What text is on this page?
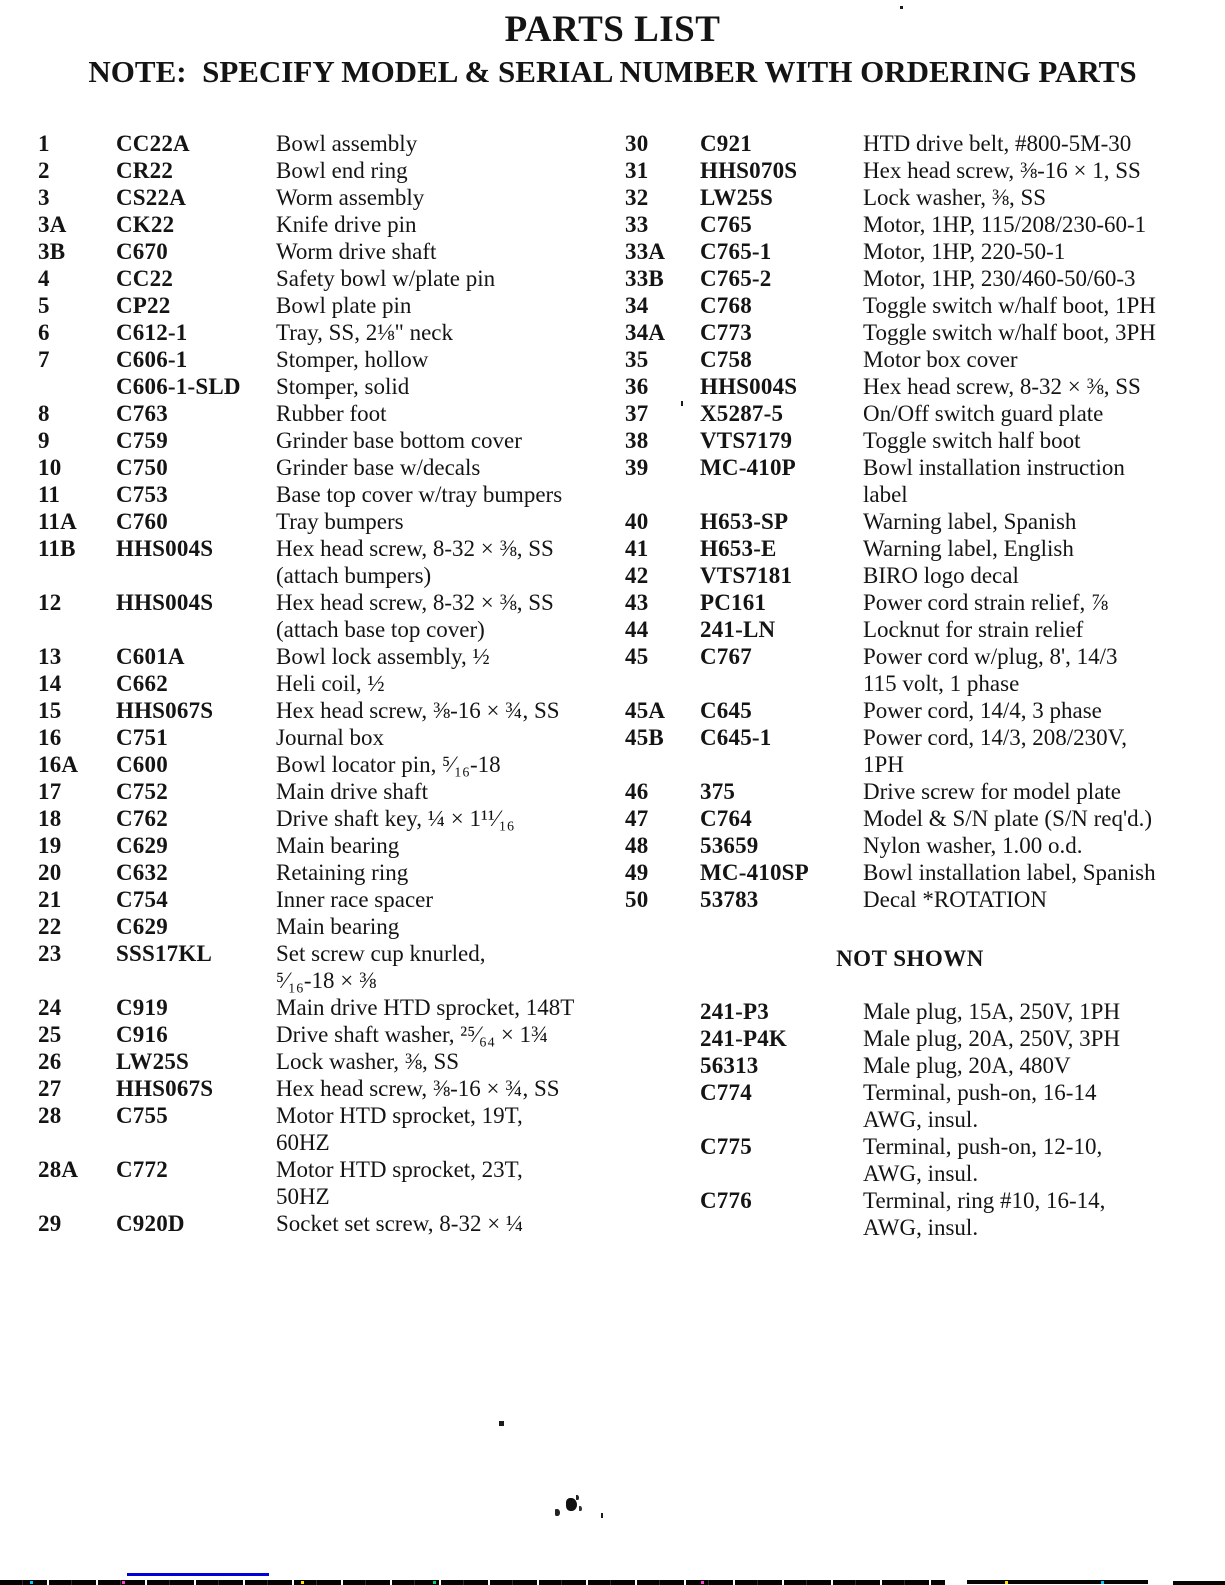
PARTS LIST
NOTE:  SPECIFY MODEL & SERIAL NUMBER WITH ORDERING PARTS
1	CC22A	Bowl assembly
2	CR22	Bowl end ring
3	CS22A	Worm assembly
3A	CK22	Knife drive pin
3B	C670	Worm drive shaft
4	CC22	Safety bowl w/plate pin
5	CP22	Bowl plate pin
6	C612-1	Tray, SS, 2⅛" neck
7	C606-1	Stomper, hollow
C606-1-SLD	Stomper, solid
8	C763	Rubber foot
9	C759	Grinder base bottom cover
10	C750	Grinder base w/decals
11	C753	Base top cover w/tray bumpers
11A	C760	Tray bumpers
11B	HHS004S	Hex head screw, 8-32 × ⅜, SS
(attach bumpers)
12	HHS004S	Hex head screw, 8-32 × ⅜, SS
(attach base top cover)
13	C601A	Bowl lock assembly, ½
14	C662	Heli coil, ½
15	HHS067S	Hex head screw, ⅜-16 × ¾, SS
16	C751	Journal box
16A	C600	Bowl locator pin, ⁵⁄₁₆-18
17	C752	Main drive shaft
18	C762	Drive shaft key, ¼ × 1¹¹⁄₁₆
19	C629	Main bearing
20	C632	Retaining ring
21	C754	Inner race spacer
22	C629	Main bearing
23	SSS17KL	Set screw cup knurled,
⁵⁄₁₆-18 × ⅜
24	C919	Main drive HTD sprocket, 148T
25	C916	Drive shaft washer, ²⁵⁄₆₄ × 1¾
26	LW25S	Lock washer, ⅜, SS
27	HHS067S	Hex head screw, ⅜-16 × ¾, SS
28	C755	Motor HTD sprocket, 19T,
60HZ
28A	C772	Motor HTD sprocket, 23T,
50HZ
29	C920D	Socket set screw, 8-32 × ¼
30	C921	HTD drive belt, #800-5M-30
31	HHS070S	Hex head screw, ⅜-16 × 1, SS
32	LW25S	Lock washer, ⅜, SS
33	C765	Motor, 1HP, 115/208/230-60-1
33A	C765-1	Motor, 1HP, 220-50-1
33B	C765-2	Motor, 1HP, 230/460-50/60-3
34	C768	Toggle switch w/half boot, 1PH
34A	C773	Toggle switch w/half boot, 3PH
35	C758	Motor box cover
36	HHS004S	Hex head screw, 8-32 × ⅜, SS
37	X5287-5	On/Off switch guard plate
38	VTS7179	Toggle switch half boot
39	MC-410P	Bowl installation instruction
label
40	H653-SP	Warning label, Spanish
41	H653-E	Warning label, English
42	VTS7181	BIRO logo decal
43	PC161	Power cord strain relief, ⅞
44	241-LN	Locknut for strain relief
45	C767	Power cord w/plug, 8', 14/3
115 volt, 1 phase
45A	C645	Power cord, 14/4, 3 phase
45B	C645-1	Power cord, 14/3, 208/230V,
1PH
46	375	Drive screw for model plate
47	C764	Model & S/N plate (S/N req'd.)
48	53659	Nylon washer, 1.00 o.d.
49	MC-410SP	Bowl installation label, Spanish
50	53783	Decal *ROTATION
NOT SHOWN
241-P3	Male plug, 15A, 250V, 1PH
241-P4K	Male plug, 20A, 250V, 3PH
56313	Male plug, 20A, 480V
C774	Terminal, push-on, 16-14
AWG, insul.
C775	Terminal, push-on, 12-10,
AWG, insul.
C776	Terminal, ring #10, 16-14,
AWG, insul.
